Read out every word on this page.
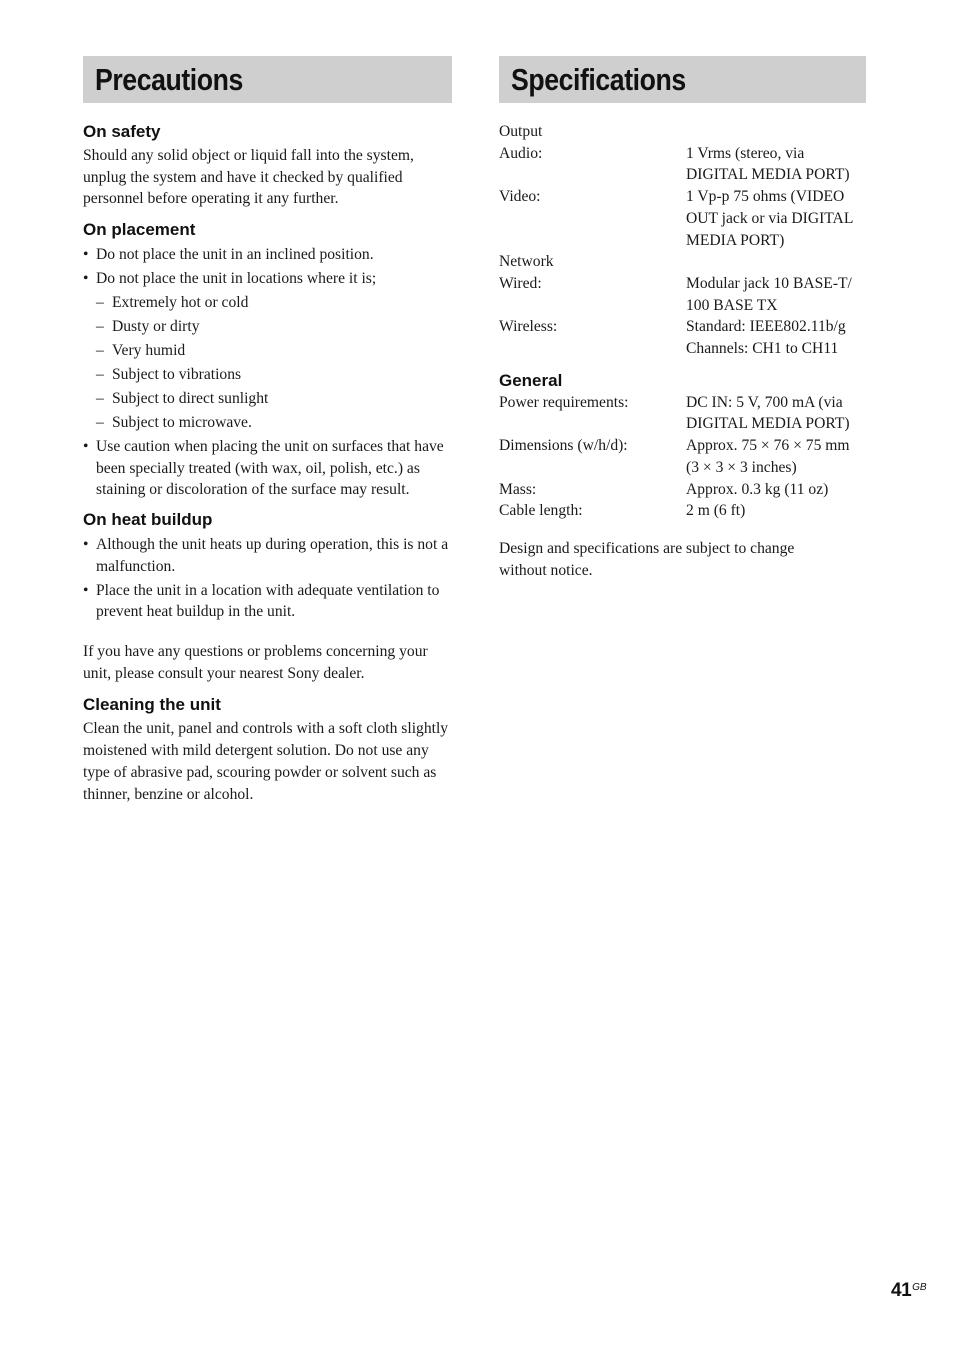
Precautions
On safety

Should any solid object or liquid fall into the system, unplug the system and have it checked by qualified personnel before operating it any further.

On placement
• Do not place the unit in an inclined position.
• Do not place the unit in locations where it is;
– Extremely hot or cold
– Dusty or dirty
– Very humid
– Subject to vibrations
– Subject to direct sunlight
– Subject to microwave.
• Use caution when placing the unit on surfaces that have been specially treated (with wax, oil, polish, etc.) as staining or discoloration of the surface may result.
On heat buildup
• Although the unit heats up during operation, this is not a malfunction.
• Place the unit in a location with adequate ventilation to prevent heat buildup in the unit.

If you have any questions or problems concerning your unit, please consult your nearest Sony dealer.

Cleaning the unit

Clean the unit, panel and controls with a soft cloth slightly moistened with mild detergent solution. Do not use any type of abrasive pad, scouring powder or solvent such as thinner, benzine or alcohol.

Specifications

Output

Audio:	1 Vrms (stereo, via DIGITAL MEDIA PORT)
Video:	1 Vp-p 75 ohms (VIDEO OUT jack or via DIGITAL MEDIA PORT)

Network

Wired:	Modular jack 10 BASE-T/ 100 BASE TX
Wireless:	Standard: IEEE802.11b/g Channels: CH1 to CH11
General
Power requirements:	DC IN: 5 V, 700 mA (via DIGITAL MEDIA PORT)
Dimensions (w/h/d):	Approx. 75 × 76 × 75 mm (3 × 3 × 3 inches)
Mass:	Approx. 0.3 kg (11 oz)
Cable length:	2 m (6 ft)

Design and specifications are subject to change without notice.

$41^{GB}$
